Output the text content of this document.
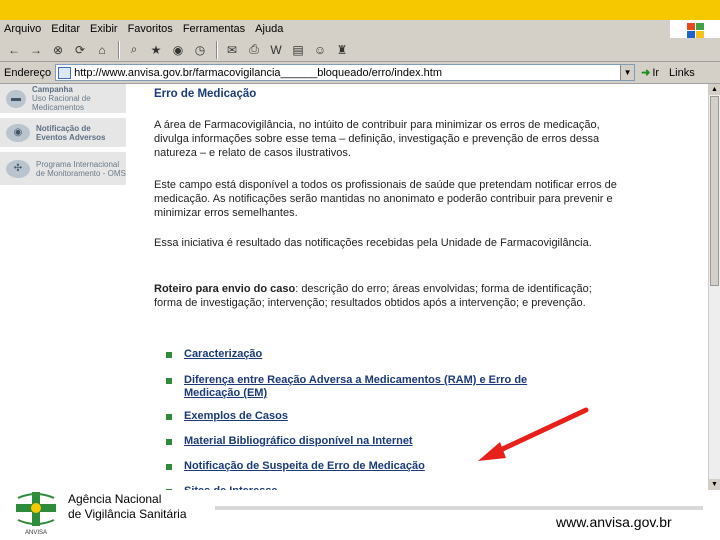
Arquivo Editar Exibir Favoritos Ferramentas Ajuda
← → ⊗ ⟳	⌂	⌕	★ ◉ ◷	✉	⎙ W ▤ ☺ ♜
Endereço http://www.anvisa.gov.br/farmacovigilancia______bloqueado/erro/index.htm	▼ ➜ Ir Links
▬
Campanha
Uso Racional de Medicamentos
◉	Notificação de
Eventos Adversos
✣	Programa Internacional
de Monitoramento - OMS
Erro de Medicação

A área de Farmacovigilância, no intúito de contribuir para minimizar os erros de medicação, divulga informações sobre esse tema – definição, investigação e prevenção de erros dessa natureza – e relato de casos ilustrativos.

Este campo está disponível a todos os profissionais de saúde que pretendam notificar erros de medicação. As notificações serão mantidas no anonimato e poderão contribuir para prevenir e minimizar erros semelhantes.

Essa iniciativa é resultado das notificações recebidas pela Unidade de Farmacovigilância.

Roteiro para envio do caso: descrição do erro; áreas envolvidas; forma de identificação; forma de investigação; intervenção; resultados obtidos após a intervenção; e prevenção.

Caracterização
Diferença entre Reação Adversa a Medicamentos (RAM) e Erro de Medicação (EM)
Exemplos de Casos
Material Bibliográfico disponível na Internet
Notificação de Suspeita de Erro de Medicação
▲
▼
ANVISA
Agência Nacional
de Vigilância Sanitária	www.anvisa.gov.br
